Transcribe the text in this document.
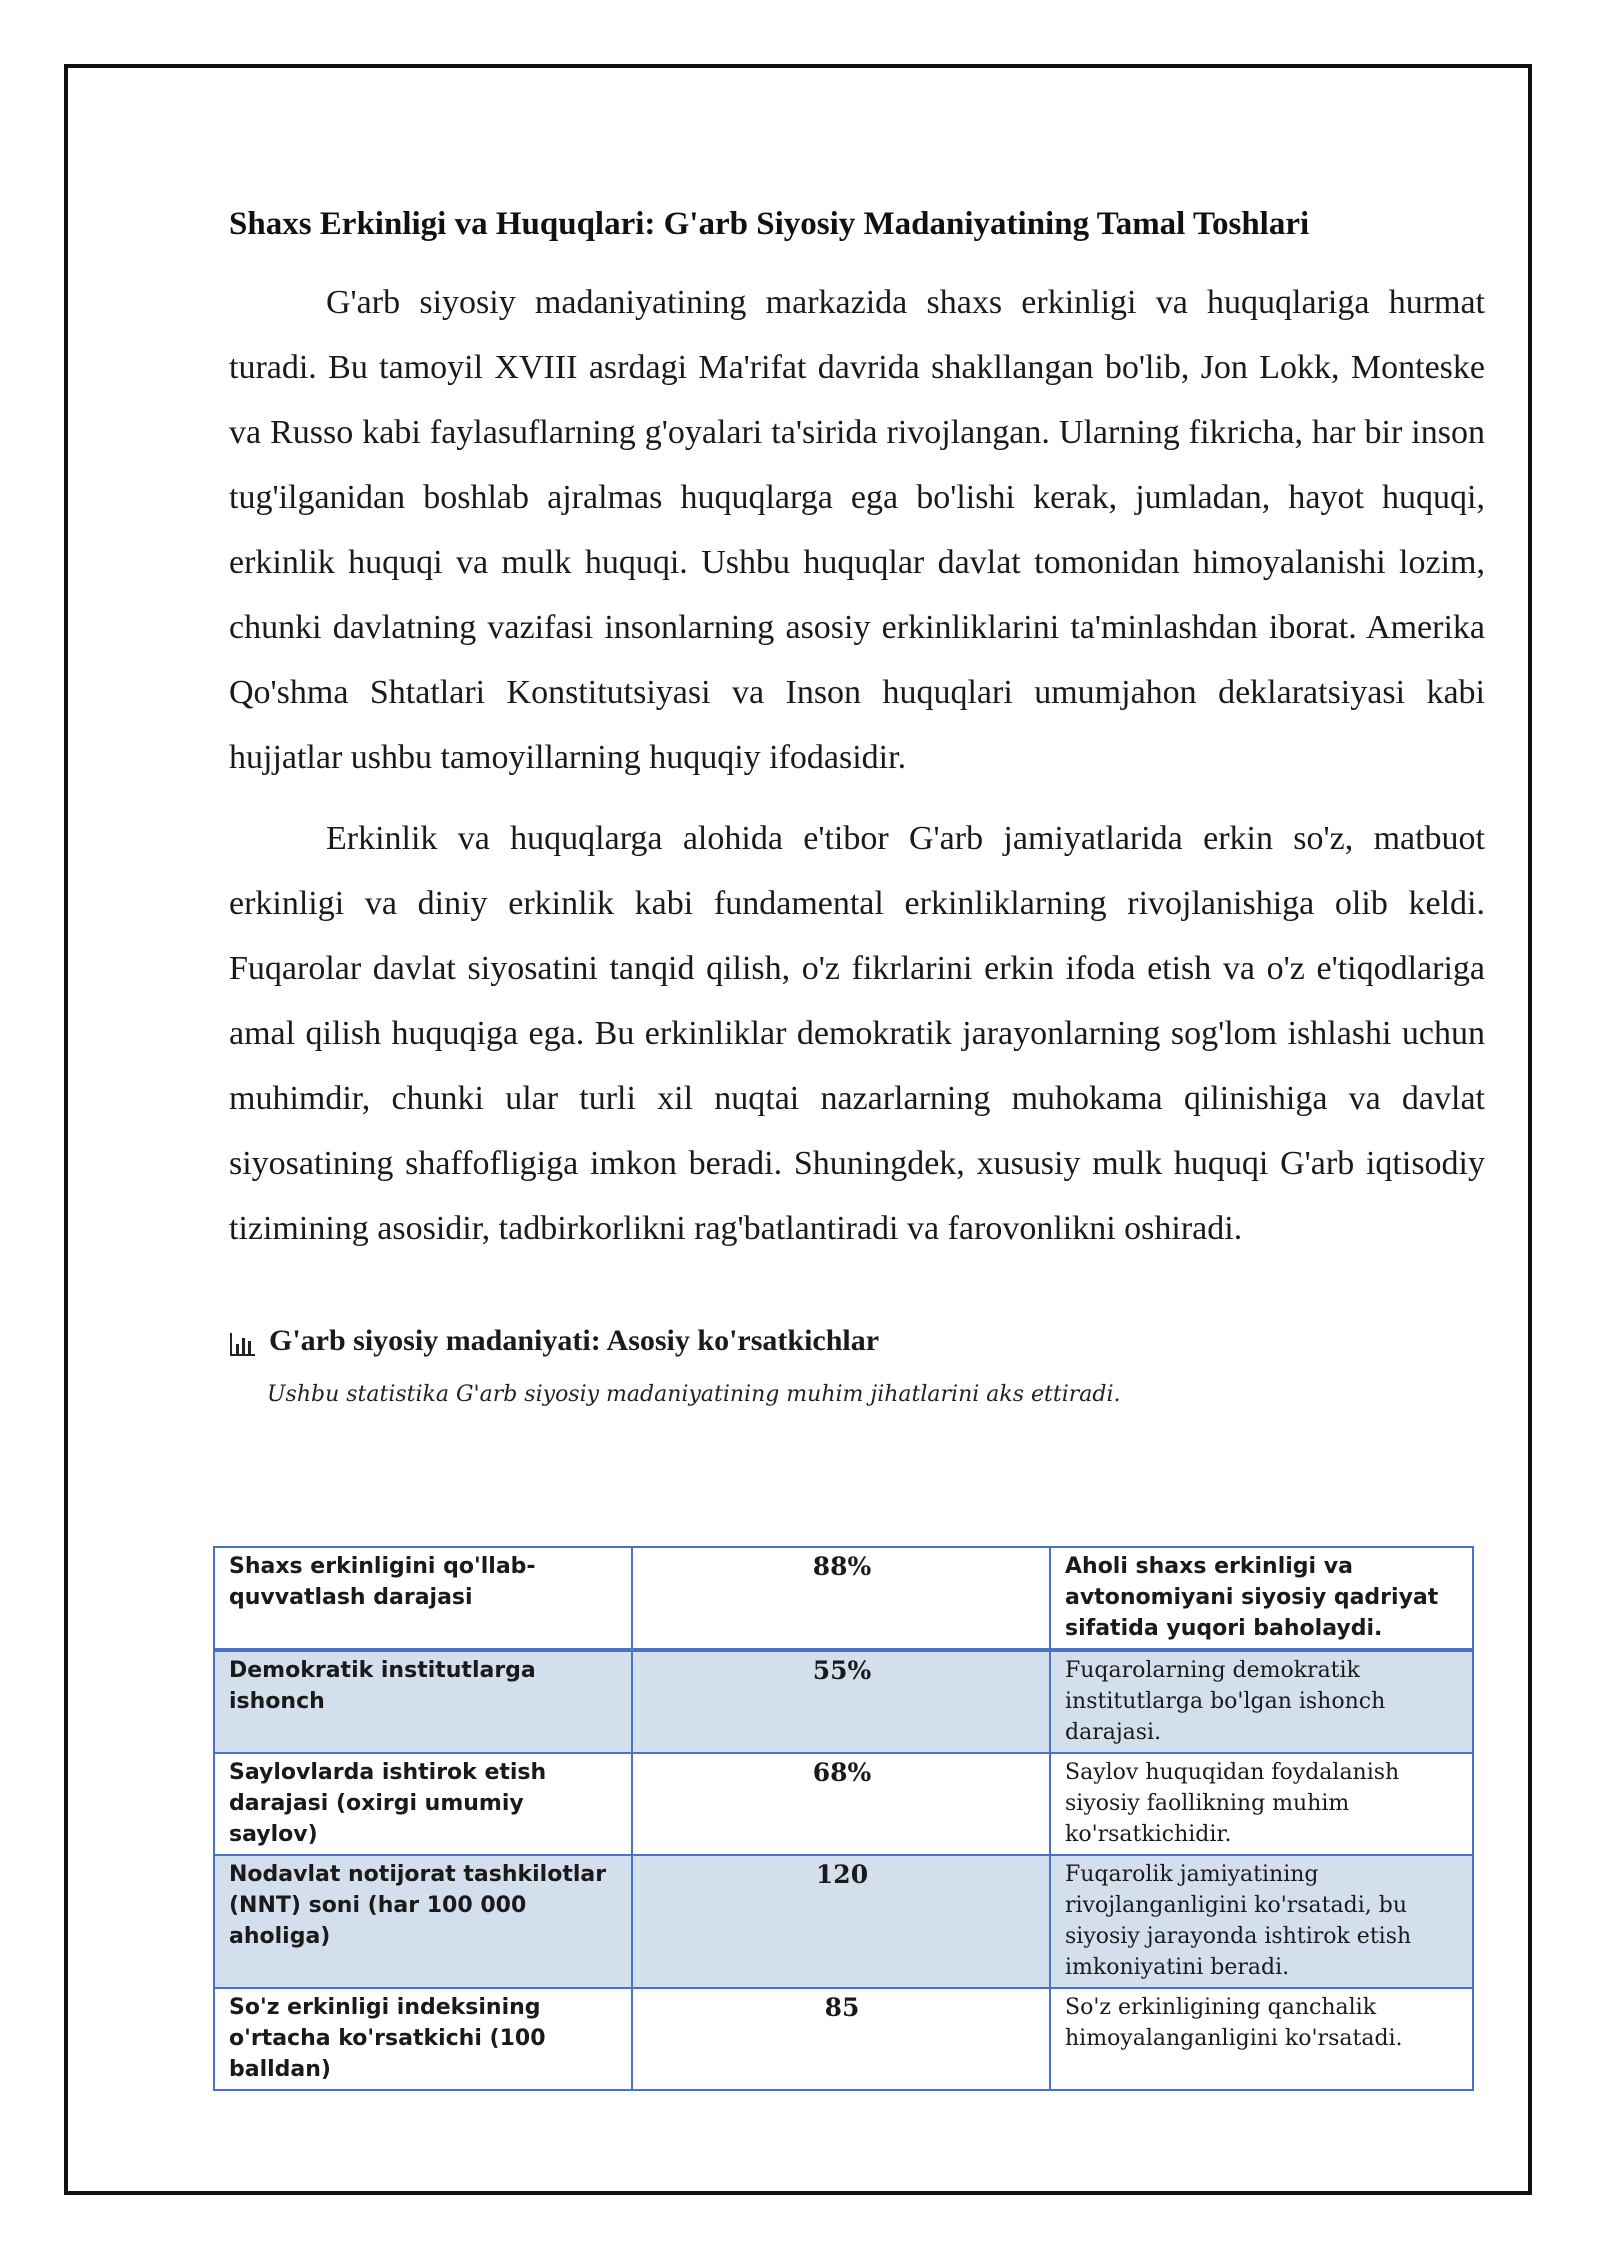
Shaxs Erkinligi va Huquqlari: G'arb Siyosiy Madaniyatining Tamal Toshlari

G'arb siyosiy madaniyatining markazida shaxs erkinligi va huquqlariga hurmat turadi. Bu tamoyil XVIII asrdagi Ma'rifat davrida shakllangan bo'lib, Jon Lokk, Monteske va Russo kabi faylasuflarning g'oyalari ta'sirida rivojlangan. Ularning fikricha, har bir inson tug'ilganidan boshlab ajralmas huquqlarga ega bo'lishi kerak, jumladan, hayot huquqi, erkinlik huquqi va mulk huquqi. Ushbu huquqlar davlat tomonidan himoyalanishi lozim, chunki davlatning vazifasi insonlarning asosiy erkinliklarini ta'minlashdan iborat. Amerika Qo'shma Shtatlari Konstitutsiyasi va Inson huquqlari umumjahon deklaratsiyasi kabi hujjatlar ushbu tamoyillarning huquqiy ifodasidir.

Erkinlik va huquqlarga alohida e'tibor G'arb jamiyatlarida erkin so'z, matbuot erkinligi va diniy erkinlik kabi fundamental erkinliklarning rivojlanishiga olib keldi. Fuqarolar davlat siyosatini tanqid qilish, o'z fikrlarini erkin ifoda etish va o'z e'tiqodlariga amal qilish huquqiga ega. Bu erkinliklar demokratik jarayonlarning sog'lom ishlashi uchun muhimdir, chunki ular turli xil nuqtai nazarlarning muhokama qilinishiga va davlat siyosatining shaffofligiga imkon beradi. Shuningdek, xususiy mulk huquqi G'arb iqtisodiy tizimining asosidir, tadbirkorlikni rag'batlantiradi va farovonlikni oshiradi.

G'arb siyosiy madaniyati: Asosiy ko'rsatkichlar
Ushbu statistika G'arb siyosiy madaniyatining muhim jihatlarini aks ettiradi.
Shaxs erkinligini qo'llab-quvvatlash darajasi	88%	Aholi shaxs erkinligi va avtonomiyani siyosiy qadriyat sifatida yuqori baholaydi.
Demokratik institutlarga ishonch	55%	Fuqarolarning demokratik institutlarga bo'lgan ishonch darajasi.
Saylovlarda ishtirok etish darajasi (oxirgi umumiy saylov)	68%	Saylov huquqidan foydalanish siyosiy faollikning muhim ko'rsatkichidir.
Nodavlat notijorat tashkilotlar (NNT) soni (har 100 000 aholiga)	120	Fuqarolik jamiyatining rivojlanganligini ko'rsatadi, bu siyosiy jarayonda ishtirok etish imkoniyatini beradi.
So'z erkinligi indeksining o'rtacha ko'rsatkichi (100 balldan)	85	So'z erkinligining qanchalik himoyalanganligini ko'rsatadi.
